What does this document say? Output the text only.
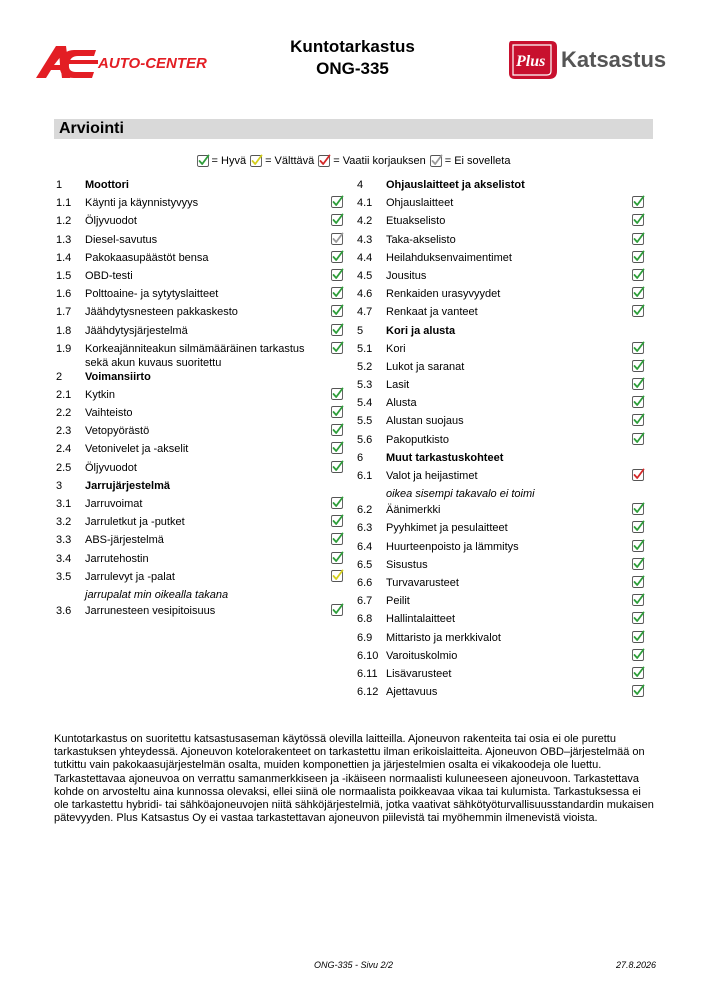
AUTO-CENTER
Kuntotarkastus
ONG-335	Plus Katsastus
Arviointi
= Hyvä = Välttävä = Vaatii korjauksen = Ei sovelleta
1 Moottori
1.1 Käynti ja käynnistyvyys
1.2 Öljyvuodot
1.3 Diesel-savutus
1.4 Pakokaasupäästöt bensa
1.5 OBD-testi
1.6 Polttoaine- ja sytytyslaitteet
1.7 Jäähdytysnesteen pakkaskesto
1.8 Jäähdytysjärjestelmä
1.9 Korkeajänniteakun silmämääräinen tarkastus sekä akun kuvaus suoritettu
2 Voimansiirto
2.1 Kytkin
2.2 Vaihteisto
2.3 Vetopyörästö
2.4 Vetonivelet ja -akselit
2.5 Öljyvuodot
3 Jarrujärjestelmä
3.1 Jarruvoimat
3.2 Jarruletkut ja -putket
3.3 ABS-järjestelmä
3.4 Jarrutehostin
3.5 Jarrulevyt ja -palat
jarrupalat min oikealla takana
3.6 Jarrunesteen vesipitoisuus
4 Ohjauslaitteet ja akselistot
4.1 Ohjauslaitteet
4.2 Etuakselisto
4.3 Taka-akselisto
4.4 Heilahduksenvaimentimet
4.5 Jousitus
4.6 Renkaiden urasyvyydet
4.7 Renkaat ja vanteet
5 Kori ja alusta
5.1 Kori
5.2 Lukot ja saranat
5.3 Lasit
5.4 Alusta
5.5 Alustan suojaus
5.6 Pakoputkisto
6 Muut tarkastuskohteet
6.1 Valot ja heijastimet
oikea sisempi takavalo ei toimi
6.2 Äänimerkki
6.3 Pyyhkimet ja pesulaitteet
6.4 Huurteenpoisto ja lämmitys
6.5 Sisustus
6.6 Turvavarusteet
6.7 Peilit
6.8 Hallintalaitteet
6.9 Mittaristo ja merkkivalot
6.10 Varoituskolmio
6.11 Lisävarusteet
6.12 Ajettavuus
Kuntotarkastus on suoritettu katsastusaseman käytössä olevilla laitteilla. Ajoneuvon rakenteita tai osia ei ole purettu tarkastuksen yhteydessä. Ajoneuvon kotelorakenteet on tarkastettu ilman erikoislaitteita. Ajoneuvon OBD–järjestelmää on tutkittu vain pakokaasujärjestelmän osalta, muiden komponettien ja järjestelmien osalta ei vikakoodeja ole luettu. Tarkastettavaa ajoneuvoa on verrattu samanmerkkiseen ja -ikäiseen normaalisti kuluneeseen ajoneuvoon. Tarkastettava kohde on arvosteltu aina kunnossa olevaksi, ellei siinä ole normaalista poikkeavaa vikaa tai kulumista. Tarkastuksessa ei ole tarkastettu hybridi- tai sähköajoneuvojen niitä sähköjärjestelmiä, jotka vaativat sähkötyöturvallisuusstandardin mukaisen pätevyyden. Plus Katsastus Oy ei vastaa tarkastettavan ajoneuvon piilevistä tai myöhemmin ilmenevistä vioista.
ONG-335 - Sivu 2/2	27.8.2026
